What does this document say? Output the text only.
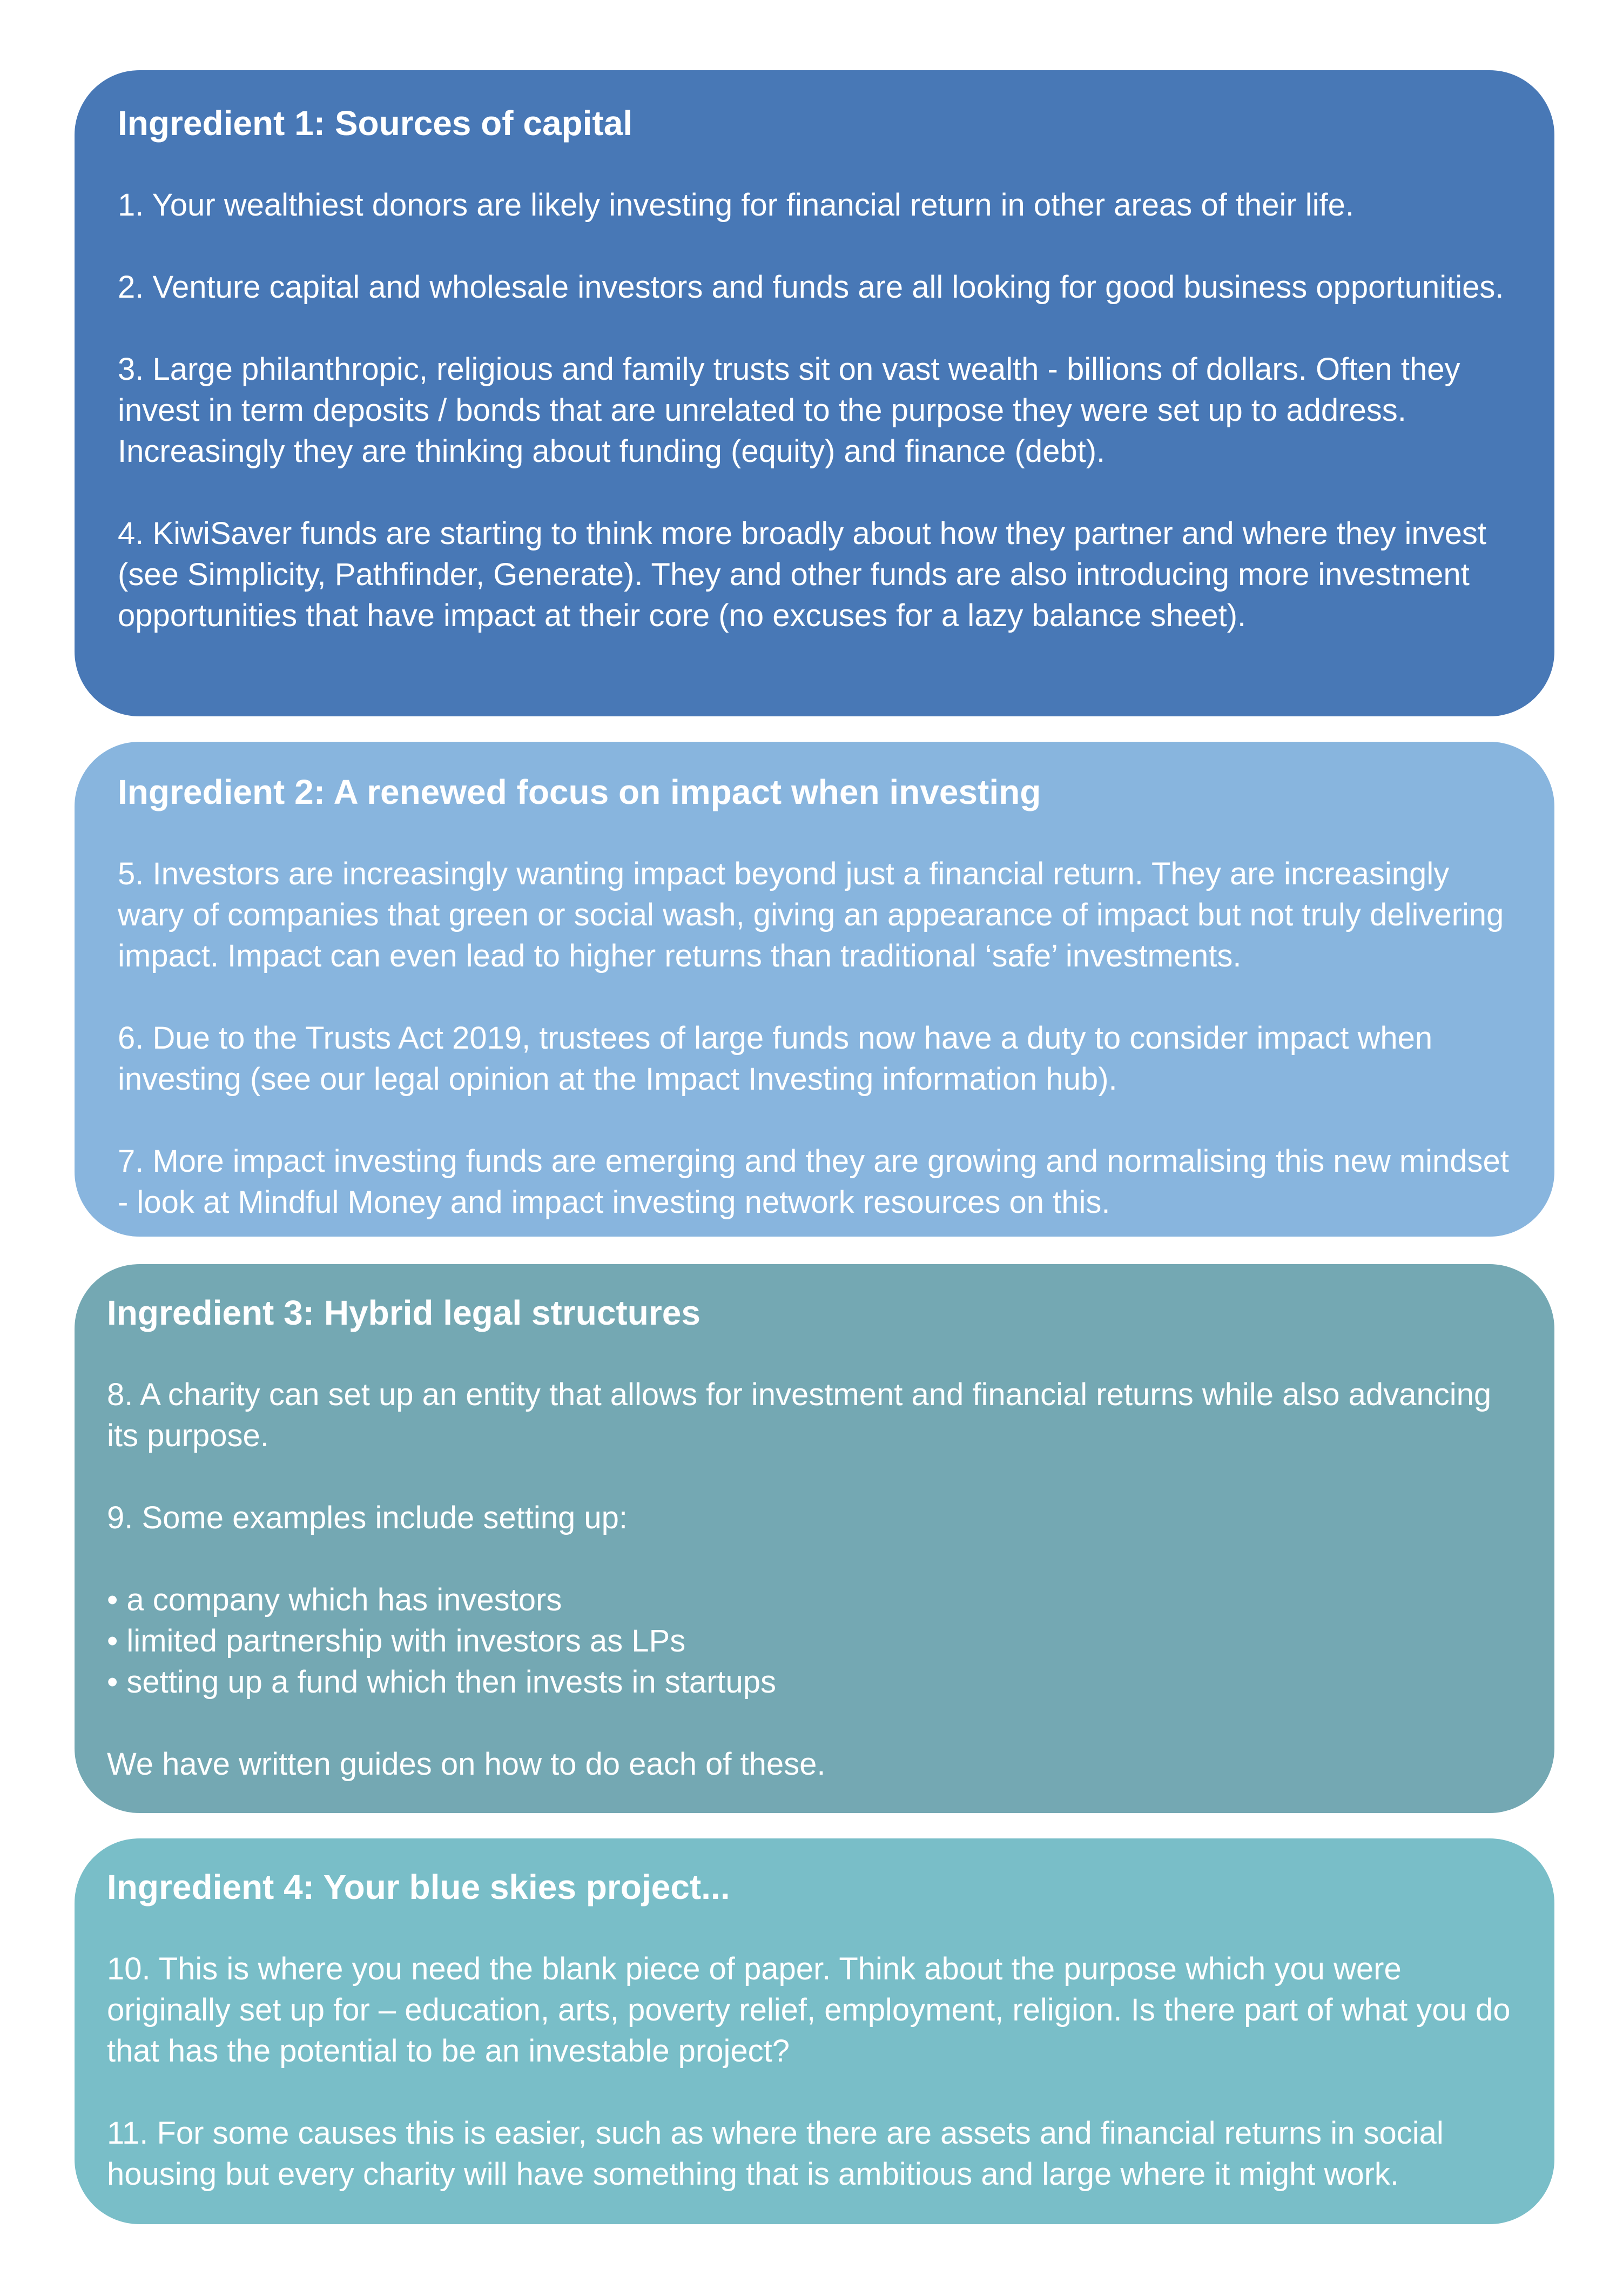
Ingredient 1: Sources of capital

1. Your wealthiest donors are likely investing for financial return in other areas of their life.

2. Venture capital and wholesale investors and funds are all looking for good business opportunities.

3. Large philanthropic, religious and family trusts sit on vast wealth - billions of dollars. Often they invest in term deposits / bonds that are unrelated to the purpose they were set up to address. Increasingly they are thinking about funding (equity) and finance (debt).

4. KiwiSaver funds are starting to think more broadly about how they partner and where they invest (see Simplicity, Pathfinder, Generate). They and other funds are also introducing more investment opportunities that have impact at their core (no excuses for a lazy balance sheet).

Ingredient 2: A renewed focus on impact when investing

5. Investors are increasingly wanting impact beyond just a financial return. They are increasingly wary of companies that green or social wash, giving an appearance of impact but not truly delivering impact. Impact can even lead to higher returns than traditional ‘safe’ investments.

6. Due to the Trusts Act 2019, trustees of large funds now have a duty to consider impact when investing (see our legal opinion at the Impact Investing information hub).

7. More impact investing funds are emerging and they are growing and normalising this new mindset - look at Mindful Money and impact investing network resources on this.

Ingredient 3: Hybrid legal structures

8. A charity can set up an entity that allows for investment and financial returns while also advancing its purpose.

9. Some examples include setting up:

• a company which has investors
• limited partnership with investors as LPs
• setting up a fund which then invests in startups

We have written guides on how to do each of these.

Ingredient 4: Your blue skies project...

10. This is where you need the blank piece of paper. Think about the purpose which you were originally set up for – education, arts, poverty relief, employment, religion. Is there part of what you do that has the potential to be an investable project?

11. For some causes this is easier, such as where there are assets and financial returns in social housing but every charity will have something that is ambitious and large where it might work.
